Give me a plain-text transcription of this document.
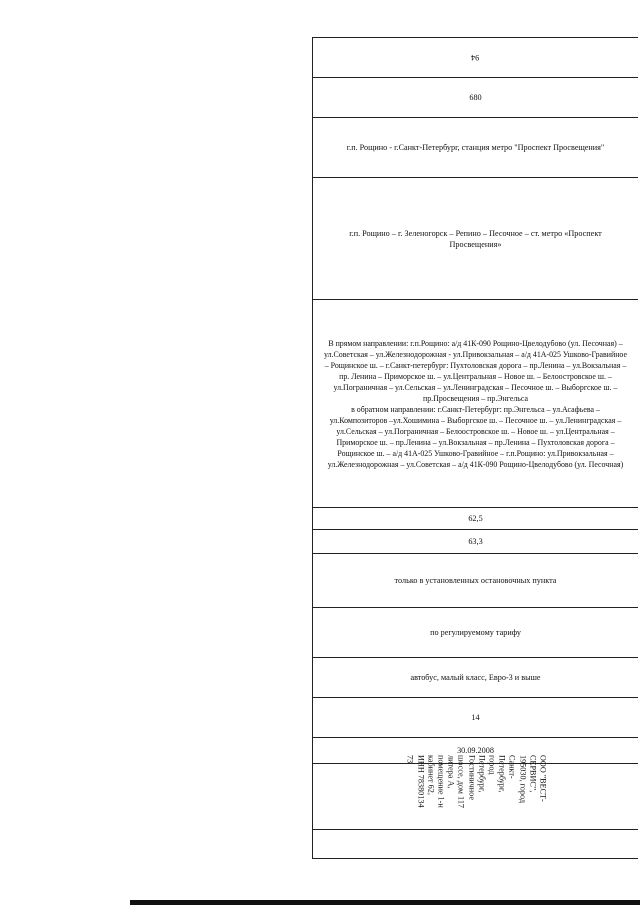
94
680
г.п. Рощино - г.Санкт-Петербург, станция метро "Проспект Просвещения"
г.п. Рощино – г. Зеленогорск – Репино – Песочное – ст. метро «Проспект Просвещения»
В прямом направлении: г.п.Рощино: а/д 41К-090 Рощино-Цвелодубово (ул. Песочная) – ул.Советская – ул.Железнодорожная - ул.Привокзальная – а/д 41А-025 Ушково-Гравийное – Рощинское ш. – г.Санкт-петербург: Пухтоловская дорога – пр.Ленина – ул.Вокзальная – пр. Ленина – Приморское ш. – ул.Центральная – Новое ш. – Белоостровское ш. – ул.Пограничная – ул.Сельская – ул.Ленинградская – Песочное ш. – Выборгское ш. – пр.Просвещения – пр.Энгельса
в обратном направлении: г.Санкт-Петербург: пр.Энгельса – ул.Асафьева – ул.Композиторов –ул.Хошимина – Выборгское ш. – Песочное ш. – ул.Ленинградская – ул.Сельская – ул.Пограничная – Белоостровское ш. – Новое ш. – ул.Центральная – Приморское ш. – пр.Ленина – ул.Вокзальная – пр.Ленина – Пухтоловская дорога – Рощинское ш. – а/д 41А-025 Ушково-Гравийное – г.п.Рощино: ул.Привокзальная – ул.Железнодорожная – ул.Советская – а/д 41К-090 Рощино-Цвелодубово (ул. Песочная)
62,5
63,3
только в установленных остановочных пункта
по регулируемому тарифу
автобус, малый класс, Евро-3 и выше
14
30.09.2008
ООО "ВЕСТ-
СЕРВИС",
195030, город
Санкт-
Петербург,
город
Петербург,
Гостиничное
шоссе, дом 117
литера А,
помещение 1-н
кабинет 62,
ИНН 78380134
73
